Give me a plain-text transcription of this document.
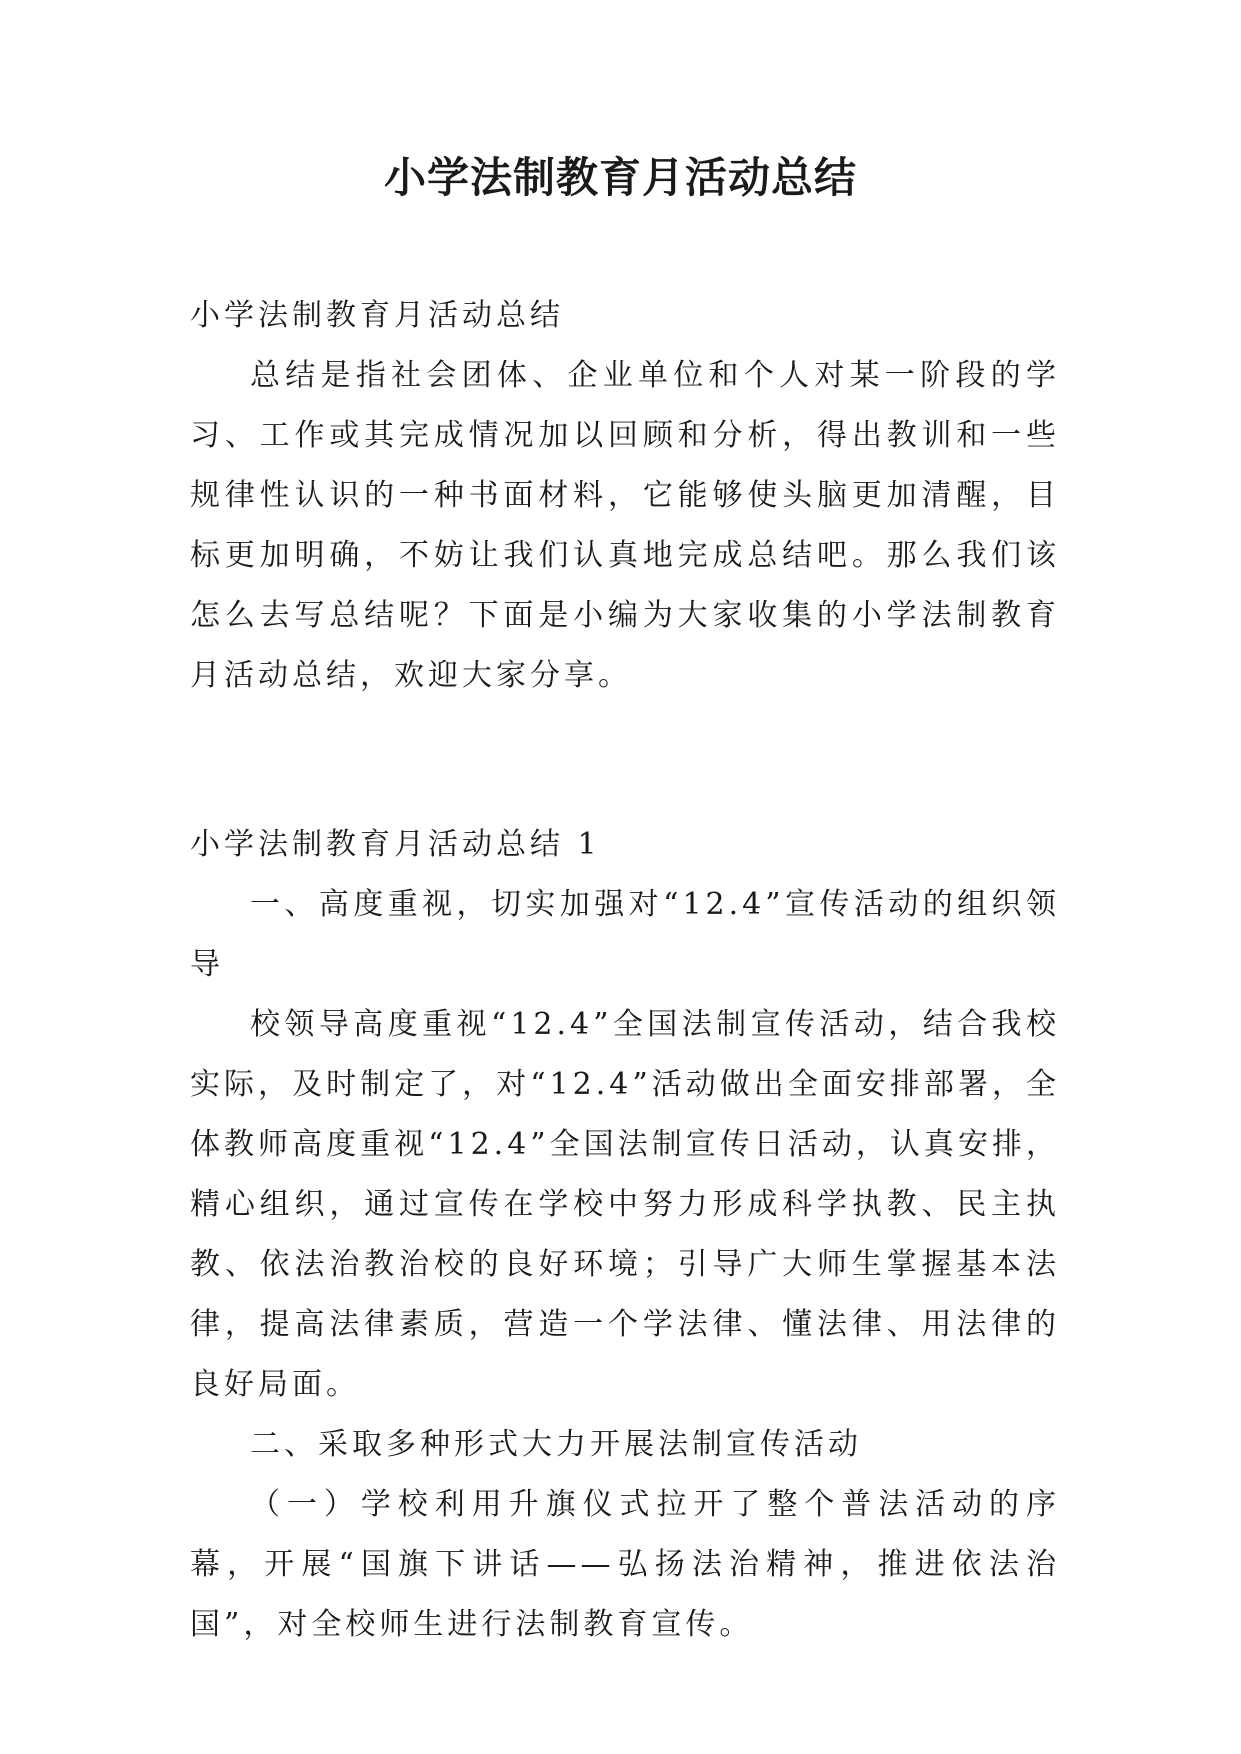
小学法制教育月活动总结

小学法制教育月活动总结

总结是指社会团体、企业单位和个人对某一阶段的学习、工作或其完成情况加以回顾和分析，得出教训和一些规律性认识的一种书面材料，它能够使头脑更加清醒，目标更加明确，不妨让我们认真地完成总结吧。那么我们该怎么去写总结呢？下面是小编为大家收集的小学法制教育月活动总结，欢迎大家分享。

小学法制教育月活动总结 1

一、高度重视，切实加强对“12.4”宣传活动的组织领导

校领导高度重视“12.4”全国法制宣传活动，结合我校实际，及时制定了，对“12.4”活动做出全面安排部署，全体教师高度重视“12.4”全国法制宣传日活动，认真安排，精心组织，通过宣传在学校中努力形成科学执教、民主执教、依法治教治校的良好环境；引导广大师生掌握基本法律，提高法律素质，营造一个学法律、懂法律、用法律的良好局面。

二、采取多种形式大力开展法制宣传活动

（一）学校利用升旗仪式拉开了整个普法活动的序幕，开展“国旗下讲话——弘扬法治精神，推进依法治国”，对全校师生进行法制教育宣传。
